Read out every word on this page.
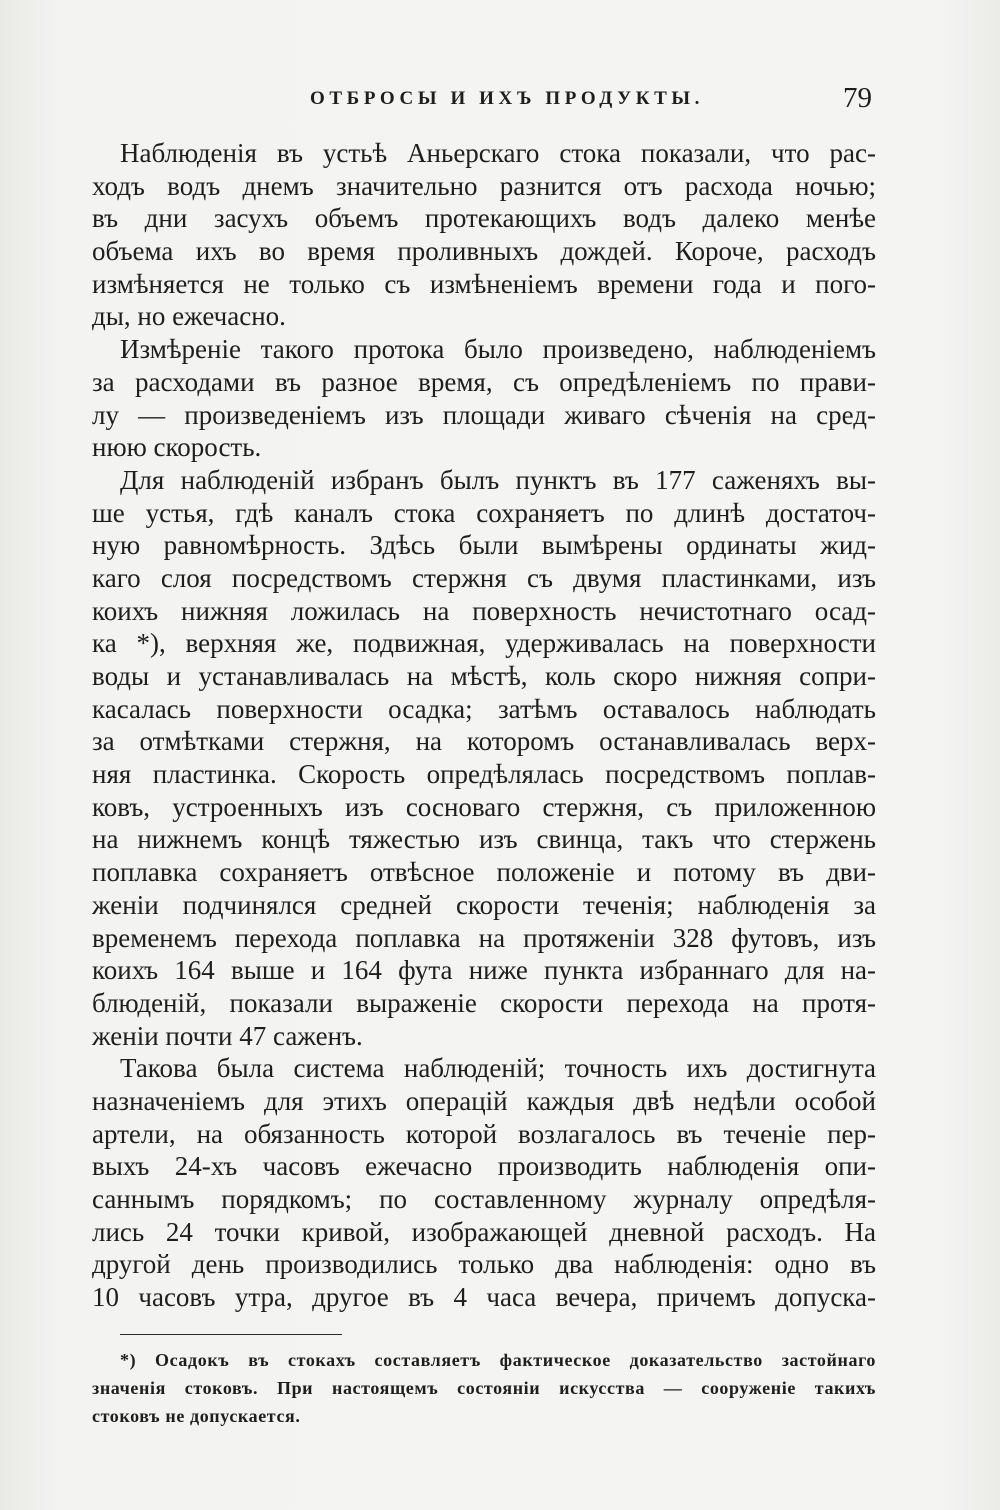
ОТБРОСЫ И ИХЪ ПРОДУКТЫ.	79
Наблюденія въ устьѣ Аньерскаго стока показали, что рас-
ходъ водъ днемъ значительно разнится отъ расхода ночью;
въ дни засухъ объемъ протекающихъ водъ далеко менѣе
объема ихъ во время проливныхъ дождей. Короче, расходъ
измѣняется не только съ измѣненіемъ времени года и пого-
ды, но ежечасно.
Измѣреніе такого протока было произведено, наблюденіемъ
за расходами въ разное время, съ опредѣленіемъ по прави-
лу — произведеніемъ изъ площади живаго сѣченія на сред-
нюю скорость.
Для наблюденій избранъ былъ пунктъ въ 177 саженяхъ вы-
ше устья, гдѣ каналъ стока сохраняетъ по длинѣ достаточ-
ную равномѣрность. Здѣсь были вымѣрены ординаты жид-
каго слоя посредствомъ стержня съ двумя пластинками, изъ
коихъ нижняя ложилась на поверхность нечистотнаго осад-
ка *), верхняя же, подвижная, удерживалась на поверхности
воды и устанавливалась на мѣстѣ, коль скоро нижняя сопри-
касалась поверхности осадка; затѣмъ оставалось наблюдать
за отмѣтками стержня, на которомъ останавливалась верх-
няя пластинка. Скорость опредѣлялась посредствомъ поплав-
ковъ, устроенныхъ изъ сосноваго стержня, съ приложенною
на нижнемъ концѣ тяжестью изъ свинца, такъ что стержень
поплавка сохраняетъ отвѣсное положеніе и потому въ дви-
женіи подчинялся средней скорости теченія; наблюденія за
временемъ перехода поплавка на протяженіи 328 футовъ, изъ
коихъ 164 выше и 164 фута ниже пункта избраннаго для на-
блюденій, показали выраженіе скорости перехода на протя-
женіи почти 47 саженъ.
Такова была система наблюденій; точность ихъ достигнута
назначеніемъ для этихъ операцій каждыя двѣ недѣли особой
артели, на обязанность которой возлагалось въ теченіе пер-
выхъ 24-хъ часовъ ежечасно производить наблюденія опи-
саннымъ порядкомъ; по составленному журналу опредѣля-
лись 24 точки кривой, изображающей дневной расходъ. На
другой день производились только два наблюденія: одно въ
10 часовъ утра, другое въ 4 часа вечера, причемъ допуска-
*) Осадокъ въ стокахъ составляетъ фактическое доказательство застойнаго
значенія стоковъ. При настоящемъ состояніи искусства — сооруженіе такихъ
стоковъ не допускается.
